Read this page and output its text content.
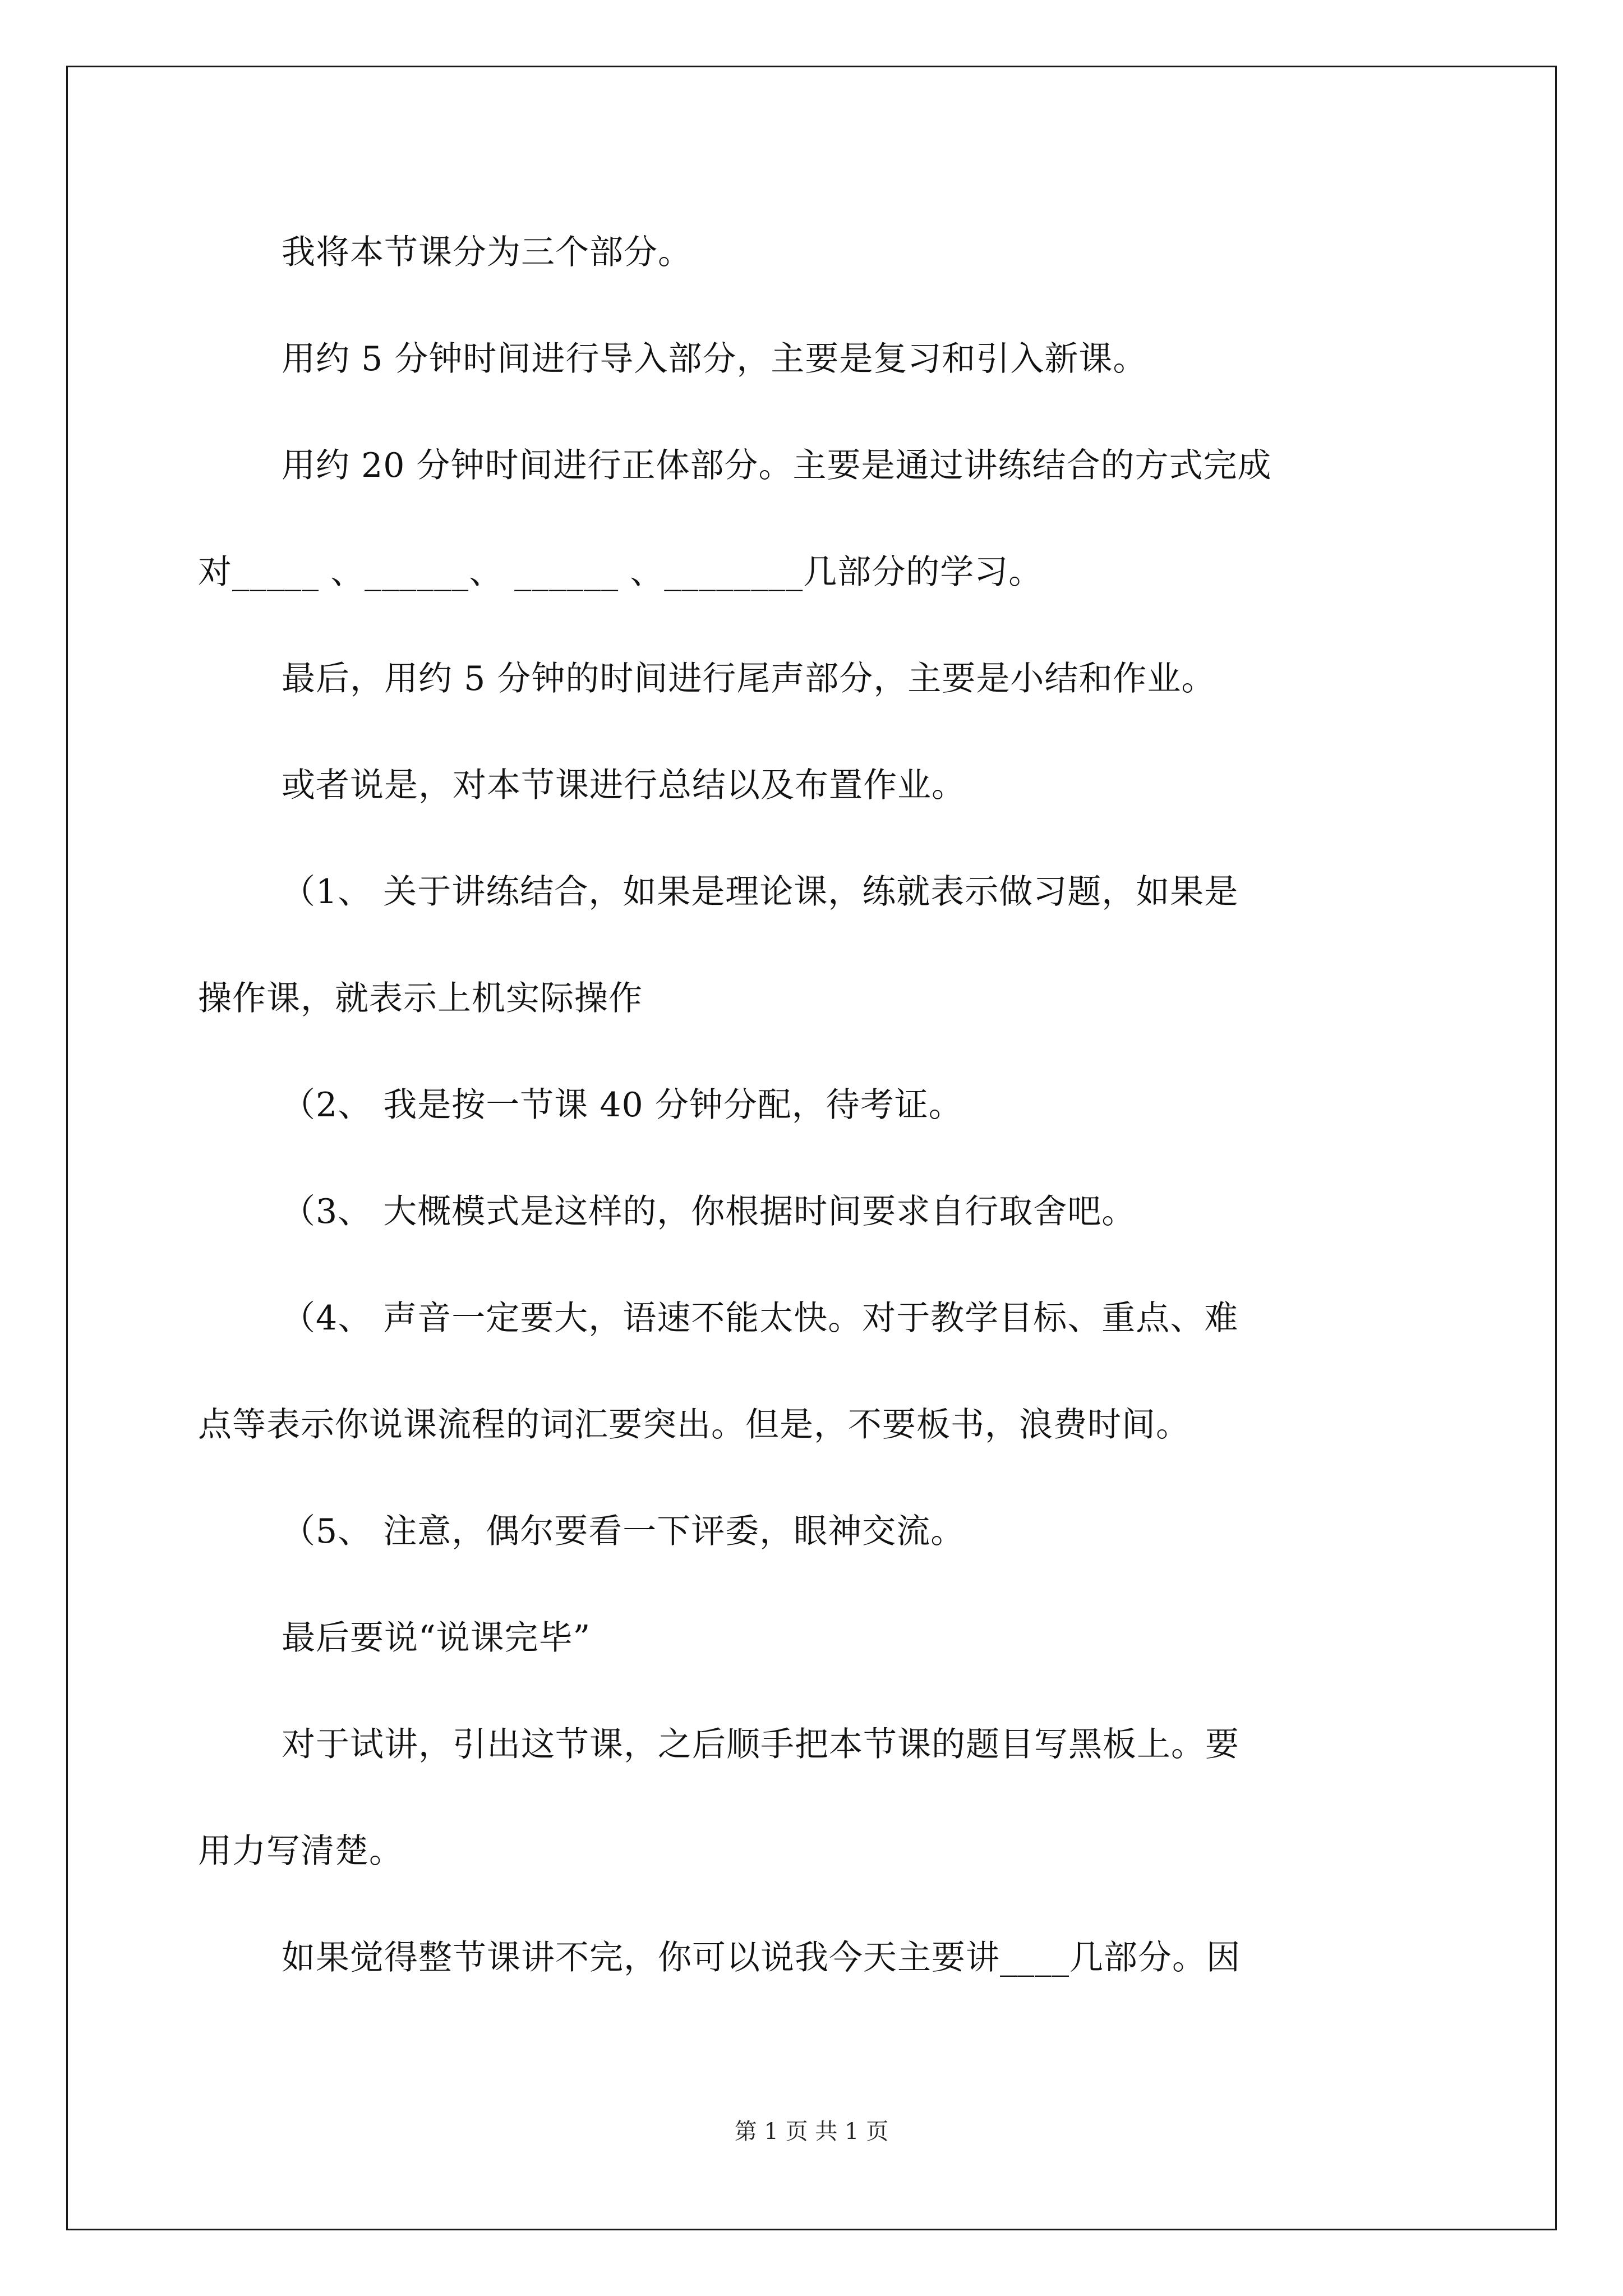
我将本节课分为三个部分。
用约 5 分钟时间进行导入部分，主要是复习和引入新课。
用约 20 分钟时间进行正体部分。主要是通过讲练结合的方式完成
对_____ 、______、 ______ 、________几部分的学习。
最后，用约 5 分钟的时间进行尾声部分，主要是小结和作业。
或者说是，对本节课进行总结以及布置作业。
（1、 关于讲练结合，如果是理论课，练就表示做习题，如果是
操作课，就表示上机实际操作
（2、 我是按一节课 40 分钟分配，待考证。
（3、 大概模式是这样的，你根据时间要求自行取舍吧。
（4、 声音一定要大，语速不能太快。对于教学目标、重点、难
点等表示你说课流程的词汇要突出。但是，不要板书，浪费时间。
（5、 注意，偶尔要看一下评委，眼神交流。
最后要说“说课完毕”
对于试讲，引出这节课，之后顺手把本节课的题目写黑板上。要
用力写清楚。
如果觉得整节课讲不完，你可以说我今天主要讲____几部分。因
第 1 页 共 1 页
